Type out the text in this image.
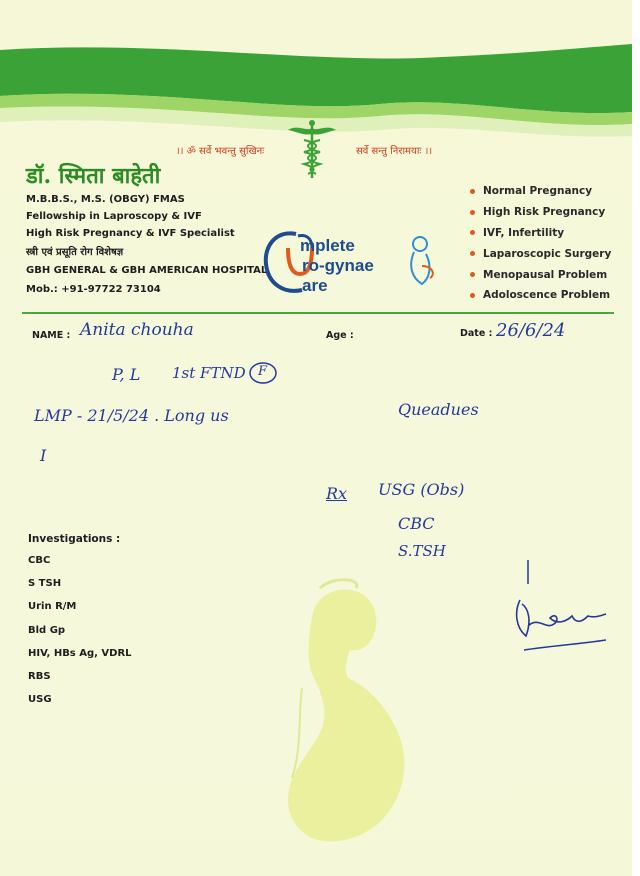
।। ॐ सर्वे भवन्तु सुखिनः	सर्वे सन्तु निरामयाः ।।
डॉ. स्मिता बाहेती
M.B.B.S., M.S. (OBGY) FMAS
Fellowship in Laproscopy & IVF
High Risk Pregnancy & IVF Specialist
स्त्री एवं प्रसूति रोग विशेषज्ञ
GBH GENERAL & GBH AMERICAN HOSPITAL
Mob.: +91-97722 73104
mplete
ro-gynae
are
Normal Pregnancy
High Risk Pregnancy
IVF, Infertility
Laparoscopic Surgery
Menopausal Problem
Adoloscence Problem
NAME : Anita chouha	Age :	Date : 26/6/24
P, L 1st FTND F
LMP - 21/5/24 . Long us	Queadues
I
Rx USG (Obs)
CBC
S.TSH
Investigations :
CBC
S TSH
Urin R/M
Bld Gp
HIV, HBs Ag, VDRL
RBS
USG
